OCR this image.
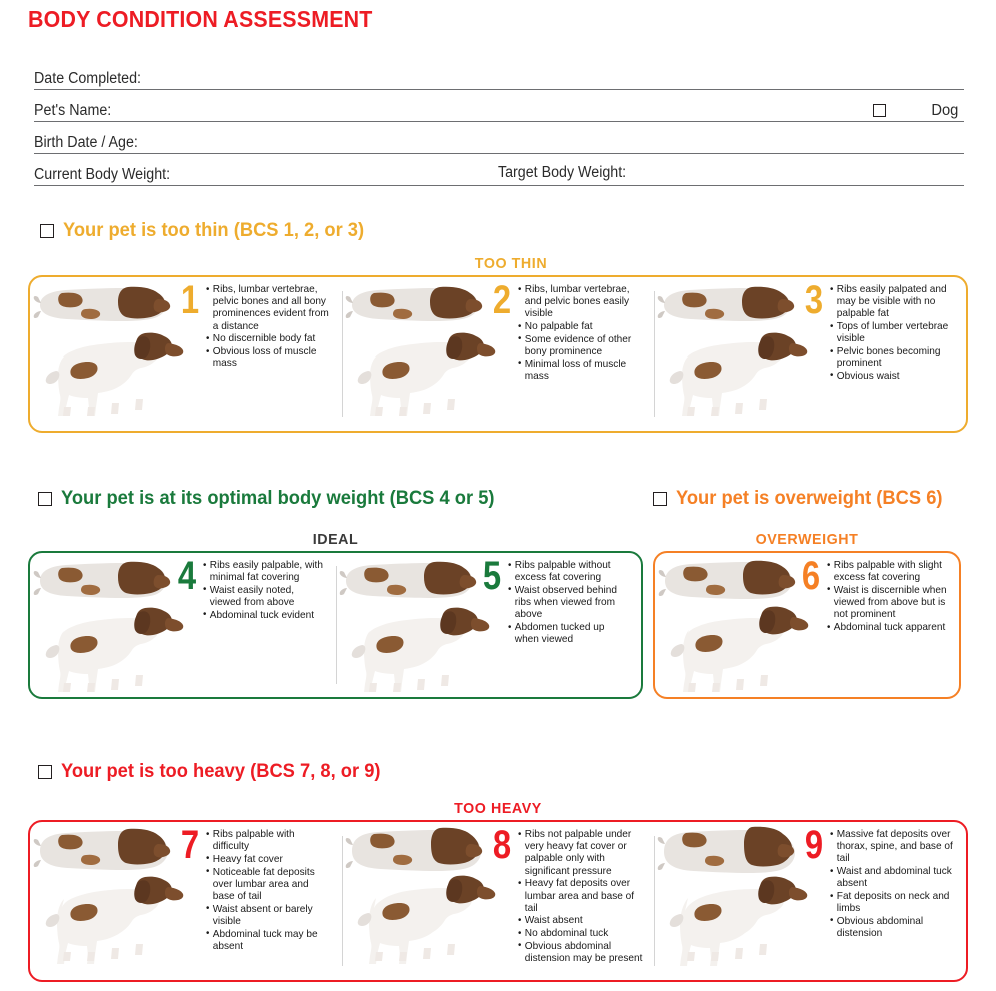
BODY CONDITION ASSESSMENT
Date Completed:
Pet's Name:	Dog
Birth Date / Age:
Current Body Weight:	Target Body Weight:
Your pet is too thin (BCS 1, 2, or 3)
TOO THIN
1	• Ribs, lumbar vertebrae, pelvic bones and all bony prominences evident from a distance
• No discernible body fat
• Obvious loss of muscle mass
2	• Ribs, lumbar vertebrae, and pelvic bones easily visible
• No palpable fat
• Some evidence of other bony prominence
• Minimal loss of muscle mass
3	• Ribs easily palpated and may be visible with no palpable fat
• Tops of lumber vertebrae visible
• Pelvic bones becoming prominent
• Obvious waist
Your pet is at its optimal body weight (BCS 4 or 5)
IDEAL
4	• Ribs easily palpable, with minimal fat covering
• Waist easily noted, viewed from above
• Abdominal tuck evident
5	• Ribs palpable without excess fat covering
• Waist observed behind ribs when viewed from above
• Abdomen tucked up when viewed
Your pet is overweight (BCS 6)
OVERWEIGHT
6	• Ribs palpable with slight excess fat covering
• Waist is discernible when viewed from above but is not prominent
• Abdominal tuck apparent
Your pet is too heavy (BCS 7, 8, or 9)
TOO HEAVY
7	• Ribs palpable with difficulty
• Heavy fat cover
• Noticeable fat deposits over lumbar area and base of tail
• Waist absent or barely visible
• Abdominal tuck may be absent
8	• Ribs not palpable under very heavy fat cover or palpable only with significant pressure
• Heavy fat deposits over lumbar area and base of tail
• Waist absent
• No abdominal tuck
• Obvious abdominal distension may be present
9	• Massive fat deposits over thorax, spine, and base of tail
• Waist and abdominal tuck absent
• Fat deposits on neck and limbs
• Obvious abdominal distension
